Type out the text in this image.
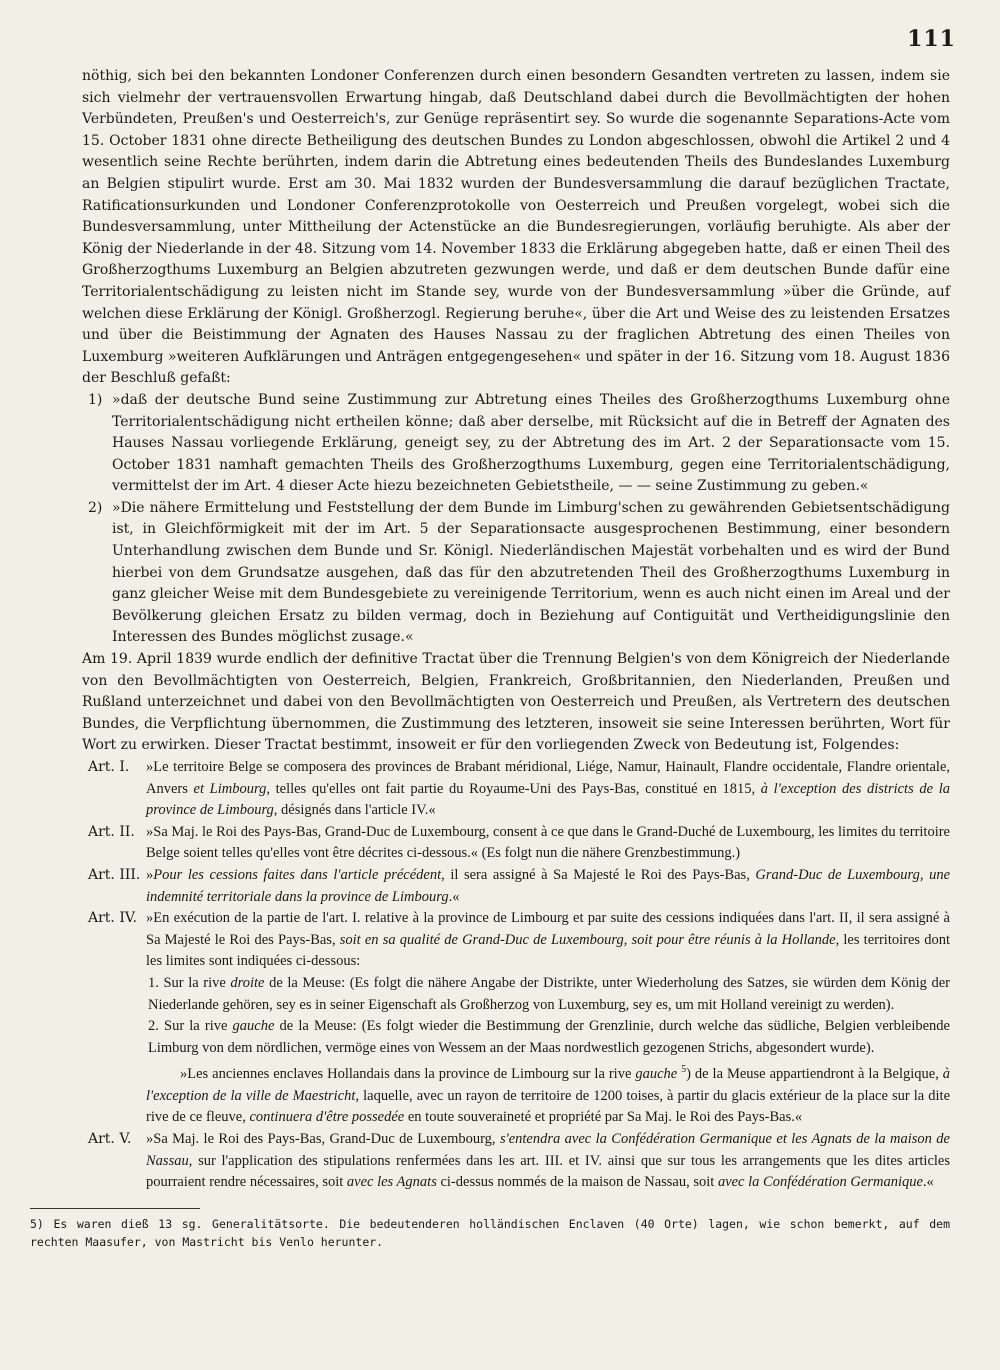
111

nöthig, sich bei den bekannten Londoner Conferenzen durch einen besondern Gesandten vertreten zu lassen, indem sie sich vielmehr der vertrauensvollen Erwartung hingab, daß Deutschland dabei durch die Bevollmächtigten der hohen Verbündeten, Preußen's und Oesterreich's, zur Genüge repräsentirt sey. So wurde die sogenannte Separations-Acte vom 15. October 1831 ohne directe Betheiligung des deutschen Bundes zu London abgeschlossen, obwohl die Artikel 2 und 4 wesentlich seine Rechte berührten, indem darin die Abtretung eines bedeutenden Theils des Bundeslandes Luxemburg an Belgien stipulirt wurde. Erst am 30. Mai 1832 wurden der Bundesversammlung die darauf bezüglichen Tractate, Ratificationsurkunden und Londoner Conferenzprotokolle von Oesterreich und Preußen vorgelegt, wobei sich die Bundesversammlung, unter Mittheilung der Actenstücke an die Bundesregierungen, vorläufig beruhigte. Als aber der König der Niederlande in der 48. Sitzung vom 14. November 1833 die Erklärung abgegeben hatte, daß er einen Theil des Großherzogthums Luxemburg an Belgien abzutreten gezwungen werde, und daß er dem deutschen Bunde dafür eine Territorialentschädigung zu leisten nicht im Stande sey, wurde von der Bundesversammlung »über die Gründe, auf welchen diese Erklärung der Königl. Großherzogl. Regierung beruhe«, über die Art und Weise des zu leistenden Ersatzes und über die Beistimmung der Agnaten des Hauses Nassau zu der fraglichen Abtretung des einen Theiles von Luxemburg »weiteren Aufklärungen und Anträgen entgegengesehen« und später in der 16. Sitzung vom 18. August 1836 der Beschluß gefaßt:

1) »daß der deutsche Bund seine Zustimmung zur Abtretung eines Theiles des Großherzogthums Luxemburg ohne Territorialentschädigung nicht ertheilen könne; daß aber derselbe, mit Rücksicht auf die in Betreff der Agnaten des Hauses Nassau vorliegende Erklärung, geneigt sey, zu der Abtretung des im Art. 2 der Separationsacte vom 15. October 1831 namhaft gemachten Theils des Großherzogthums Luxemburg, gegen eine Territorialentschädigung, vermittelst der im Art. 4 dieser Acte hiezu bezeichneten Gebietstheile, — — seine Zustimmung zu geben.«
2) »Die nähere Ermittelung und Feststellung der dem Bunde im Limburg'schen zu gewährenden Gebietsentschädigung ist, in Gleichförmigkeit mit der im Art. 5 der Separationsacte ausgesprochenen Bestimmung, einer besondern Unterhandlung zwischen dem Bunde und Sr. Königl. Niederländischen Majestät vorbehalten und es wird der Bund hierbei von dem Grundsatze ausgehen, daß das für den abzutretenden Theil des Großherzogthums Luxemburg in ganz gleicher Weise mit dem Bundesgebiete zu vereinigende Territorium, wenn es auch nicht einen im Areal und der Bevölkerung gleichen Ersatz zu bilden vermag, doch in Beziehung auf Contiguität und Vertheidigungslinie den Interessen des Bundes möglichst zusage.«

Am 19. April 1839 wurde endlich der definitive Tractat über die Trennung Belgien's von dem Königreich der Niederlande von den Bevollmächtigten von Oesterreich, Belgien, Frankreich, Großbritannien, den Niederlanden, Preußen und Rußland unterzeichnet und dabei von den Bevollmächtigten von Oesterreich und Preußen, als Vertretern des deutschen Bundes, die Verpflichtung übernommen, die Zustimmung des letzteren, insoweit sie seine Interessen berührten, Wort für Wort zu erwirken. Dieser Tractat bestimmt, insoweit er für den vorliegenden Zweck von Bedeutung ist, Folgendes:

Art. I.	»Le territoire Belge se composera des provinces de Brabant méridional, Liége, Namur, Hainault, Flandre occidentale, Flandre orientale, Anvers et Limbourg, telles qu'elles ont fait partie du Royaume-Uni des Pays-Bas, constitué en 1815, à l'exception des districts de la province de Limbourg, désignés dans l'article IV.«
Art. II. »Sa Maj. le Roi des Pays-Bas, Grand-Duc de Luxembourg, consent à ce que dans le Grand-Duché de Luxembourg, les limites du territoire Belge soient telles qu'elles vont être décrites ci-dessous.« (Es folgt nun die nähere Grenzbestimmung.)
Art. III. »Pour les cessions faites dans l'article précédent, il sera assigné à Sa Majesté le Roi des Pays-Bas, Grand-Duc de Luxembourg, une indemnité territoriale dans la province de Limbourg.«
Art. IV. »En exécution de la partie de l'art. I. relative à la province de Limbourg et par suite des cessions indiquées dans l'art. II, il sera assigné à Sa Majesté le Roi des Pays-Bas, soit en sa qualité de Grand-Duc de Luxembourg, soit pour être réunis à la Hollande, les territoires dont les limites sont indiquées ci-dessous:
1. Sur la rive droite de la Meuse: (Es folgt die nähere Angabe der Distrikte, unter Wiederholung des Satzes, sie würden dem König der Niederlande gehören, sey es in seiner Eigenschaft als Großherzog von Luxemburg, sey es, um mit Holland vereinigt zu werden).
2. Sur la rive gauche de la Meuse: (Es folgt wieder die Bestimmung der Grenzlinie, durch welche das südliche, Belgien verbleibende Limburg von dem nördlichen, vermöge eines von Wessem an der Maas nordwestlich gezogenen Strichs, abgesondert wurde).
»Les anciennes enclaves Hollandais dans la province de Limbourg sur la rive gauche $^5$) de la Meuse appartiendront à la Belgique, à l'exception de la ville de Maestricht, laquelle, avec un rayon de territoire de 1200 toises, à partir du glacis extérieur de la place sur la dite rive de ce fleuve, continuera d'être possedée en toute souveraineté et propriété par Sa Maj. le Roi des Pays-Bas.«
Art. V.	»Sa Maj. le Roi des Pays-Bas, Grand-Duc de Luxembourg, s'entendra avec la Confédération Germanique et les Agnats de la maison de Nassau, sur l'application des stipulations renfermées dans les art. III. et IV. ainsi que sur tous les arrangements que les dites articles pourraient rendre nécessaires, soit avec les Agnats ci-dessus nommés de la maison de Nassau, soit avec la Confédération Germanique.«
5) Es waren dieß 13 sg. Generalitätsorte. Die bedeutenderen holländischen Enclaven (40 Orte) lagen, wie schon bemerkt, auf dem rechten Maasufer, von Mastricht bis Venlo herunter.
